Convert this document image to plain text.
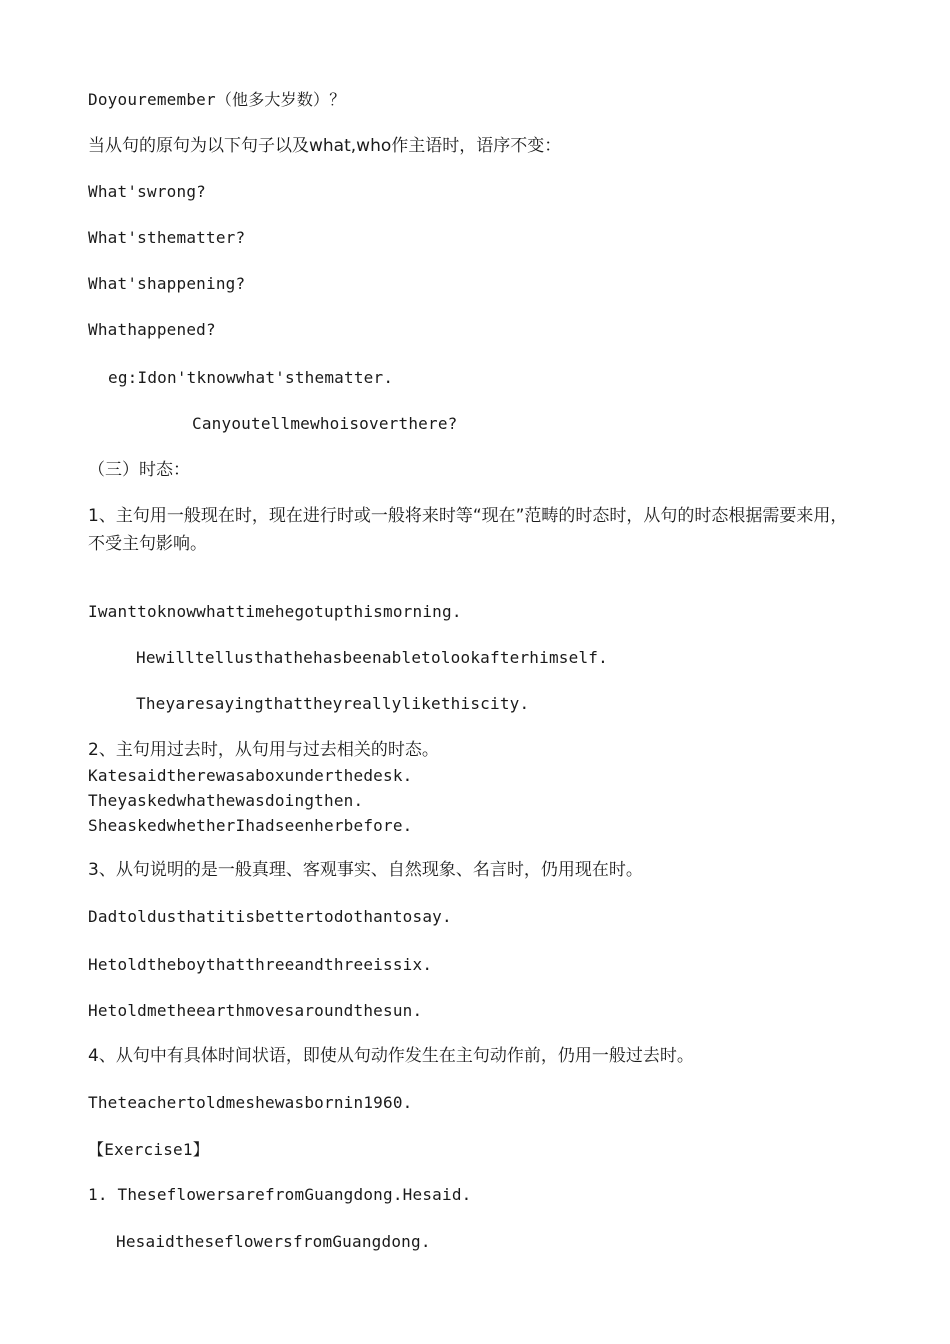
Doyouremember（他多大岁数）？
当从句的原句为以下句子以及what,who作主语时，语序不变：
What'swrong?
What'sthematter?
What'shappening?
Whathappened?
eg:Idon'tknowwhat'sthematter.
Canyoutellmewhoisoverthere?
（三）时态：
1、主句用一般现在时，现在进行时或一般将来时等“现在”范畴的时态时，从句的时态根据需要来用，不受主句影响。
Iwanttoknowwhattimehegotupthismorning.
Hewilltellusthathehasbeenabletolookafterhimself.
Theyaresayingthattheyreallylikethiscity.
2、主句用过去时，从句用与过去相关的时态。
Katesaidtherewasaboxunderthedesk.
Theyaskedwhathewasdoingthen.
SheaskedwhetherIhadseenherbefore.
3、从句说明的是一般真理、客观事实、自然现象、名言时，仍用现在时。
Dadtoldusthatitisbettertodothantosay.
Hetoldtheboythatthreeandthreeissix.
Hetoldmetheearthmovesaroundthesun.
4、从句中有具体时间状语，即使从句动作发生在主句动作前，仍用一般过去时。
Theteachertoldmeshewasbornin1960.
【Exercise1】
1. TheseflowersarefromGuangdong.Hesaid.
HesaidtheseflowersfromGuangdong.
